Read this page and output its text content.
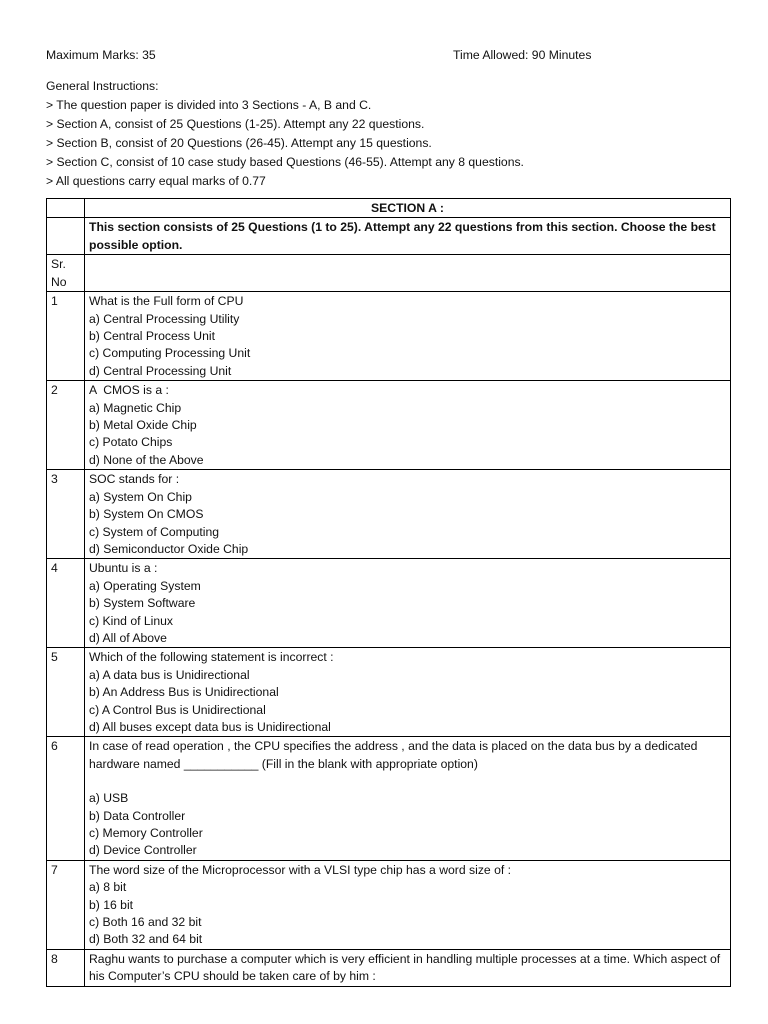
Maximum Marks: 35	Time Allowed: 90 Minutes
General Instructions:
> The question paper is divided into 3 Sections - A, B and C.
> Section A, consist of 25 Questions (1-25). Attempt any 22 questions.
> Section B, consist of 20 Questions (26-45). Attempt any 15 questions.
> Section C, consist of 10 case study based Questions (46-55). Attempt any 8 questions.
> All questions carry equal marks of 0.77
	SECTION A :
	This section consists of 25 Questions (1 to 25). Attempt any 22 questions from this section. Choose the best possible option.
Sr. No	
1	What is the Full form of CPU
a) Central Processing Utility
b) Central Process Unit
c) Computing Processing Unit
d) Central Processing Unit

2	A  CMOS is a :
a) Magnetic Chip
b) Metal Oxide Chip
c) Potato Chips
d) None of the Above

3	SOC stands for :
a) System On Chip
b) System On CMOS
c) System of Computing
d) Semiconductor Oxide Chip

4	Ubuntu is a :
a) Operating System
b) System Software
c) Kind of Linux
d) All of Above

5	Which of the following statement is incorrect :
a) A data bus is Unidirectional
b) An Address Bus is Unidirectional
c) A Control Bus is Unidirectional
d) All buses except data bus is Unidirectional

6	In case of read operation , the CPU specifies the address , and the data is placed on the data bus by a dedicated hardware named ___________ (Fill in the blank with appropriate option)
a) USB
b) Data Controller
c) Memory Controller
d) Device Controller

7	The word size of the Microprocessor with a VLSI type chip has a word size of :
a) 8 bit
b) 16 bit
c) Both 16 and 32 bit
d) Both 32 and 64 bit

8	Raghu wants to purchase a computer which is very efficient in handling multiple processes at a time. Which aspect of his Computer’s CPU should be taken care of by him :
